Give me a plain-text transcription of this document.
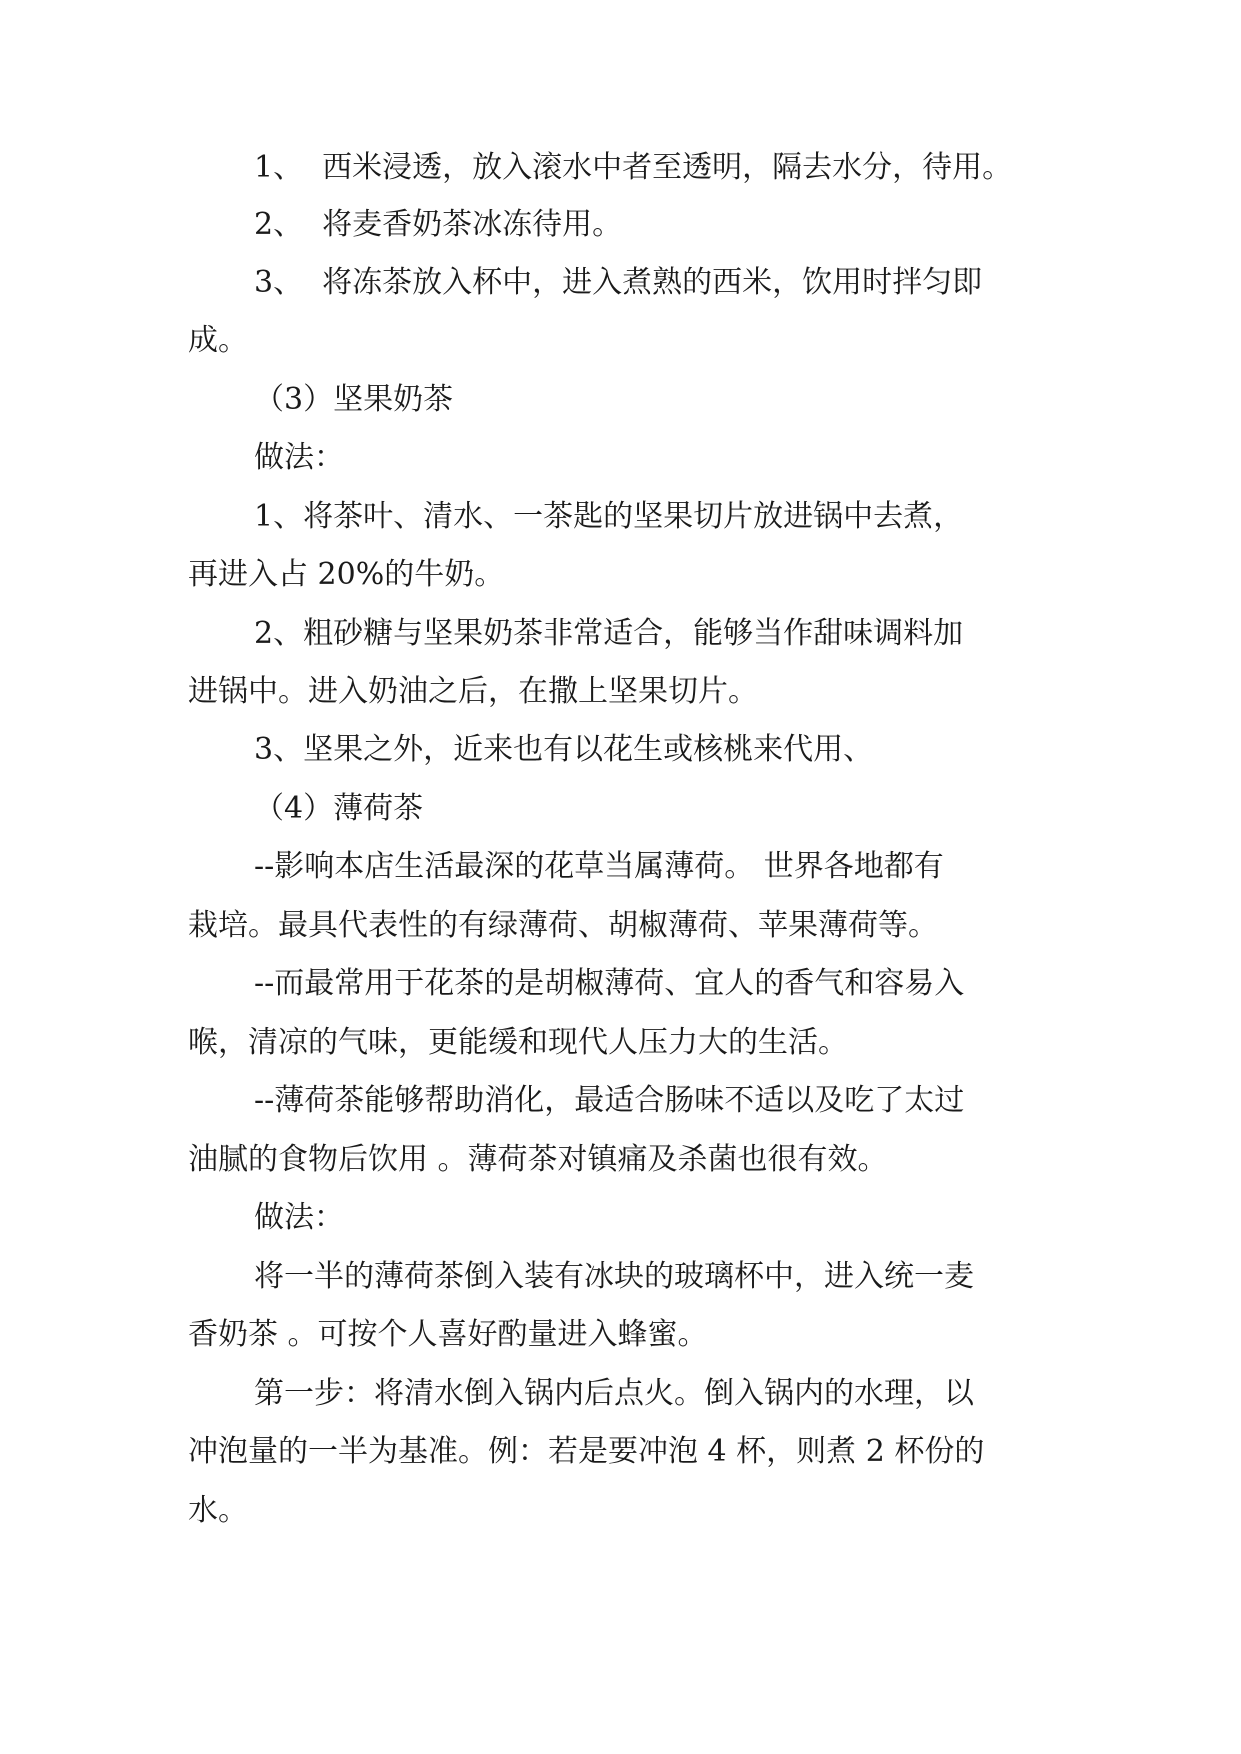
1、  西米浸透，放入滚水中者至透明，隔去水分，待用。
2、  将麦香奶茶冰冻待用。
3、  将冻茶放入杯中，进入煮熟的西米，饮用时拌匀即
成。
（3）坚果奶茶
做法：
1、将茶叶、清水、一茶匙的坚果切片放进锅中去煮，
再进入占 20%的牛奶。
2、粗砂糖与坚果奶茶非常适合，能够当作甜味调料加
进锅中。进入奶油之后，在撒上坚果切片。
3、坚果之外，近来也有以花生或核桃来代用、
（4）薄荷茶
--影响本店生活最深的花草当属薄荷。 世界各地都有
栽培。最具代表性的有绿薄荷、胡椒薄荷、苹果薄荷等。
--而最常用于花茶的是胡椒薄荷、宜人的香气和容易入
喉，清凉的气味，更能缓和现代人压力大的生活。
--薄荷茶能够帮助消化，最适合肠味不适以及吃了太过
油腻的食物后饮用 。薄荷茶对镇痛及杀菌也很有效。
做法：
将一半的薄荷茶倒入装有冰块的玻璃杯中，进入统一麦
香奶茶 。可按个人喜好酌量进入蜂蜜。
第一步：将清水倒入锅内后点火。倒入锅内的水理，以
冲泡量的一半为基准。例：若是要冲泡 4 杯，则煮 2 杯份的
水。
